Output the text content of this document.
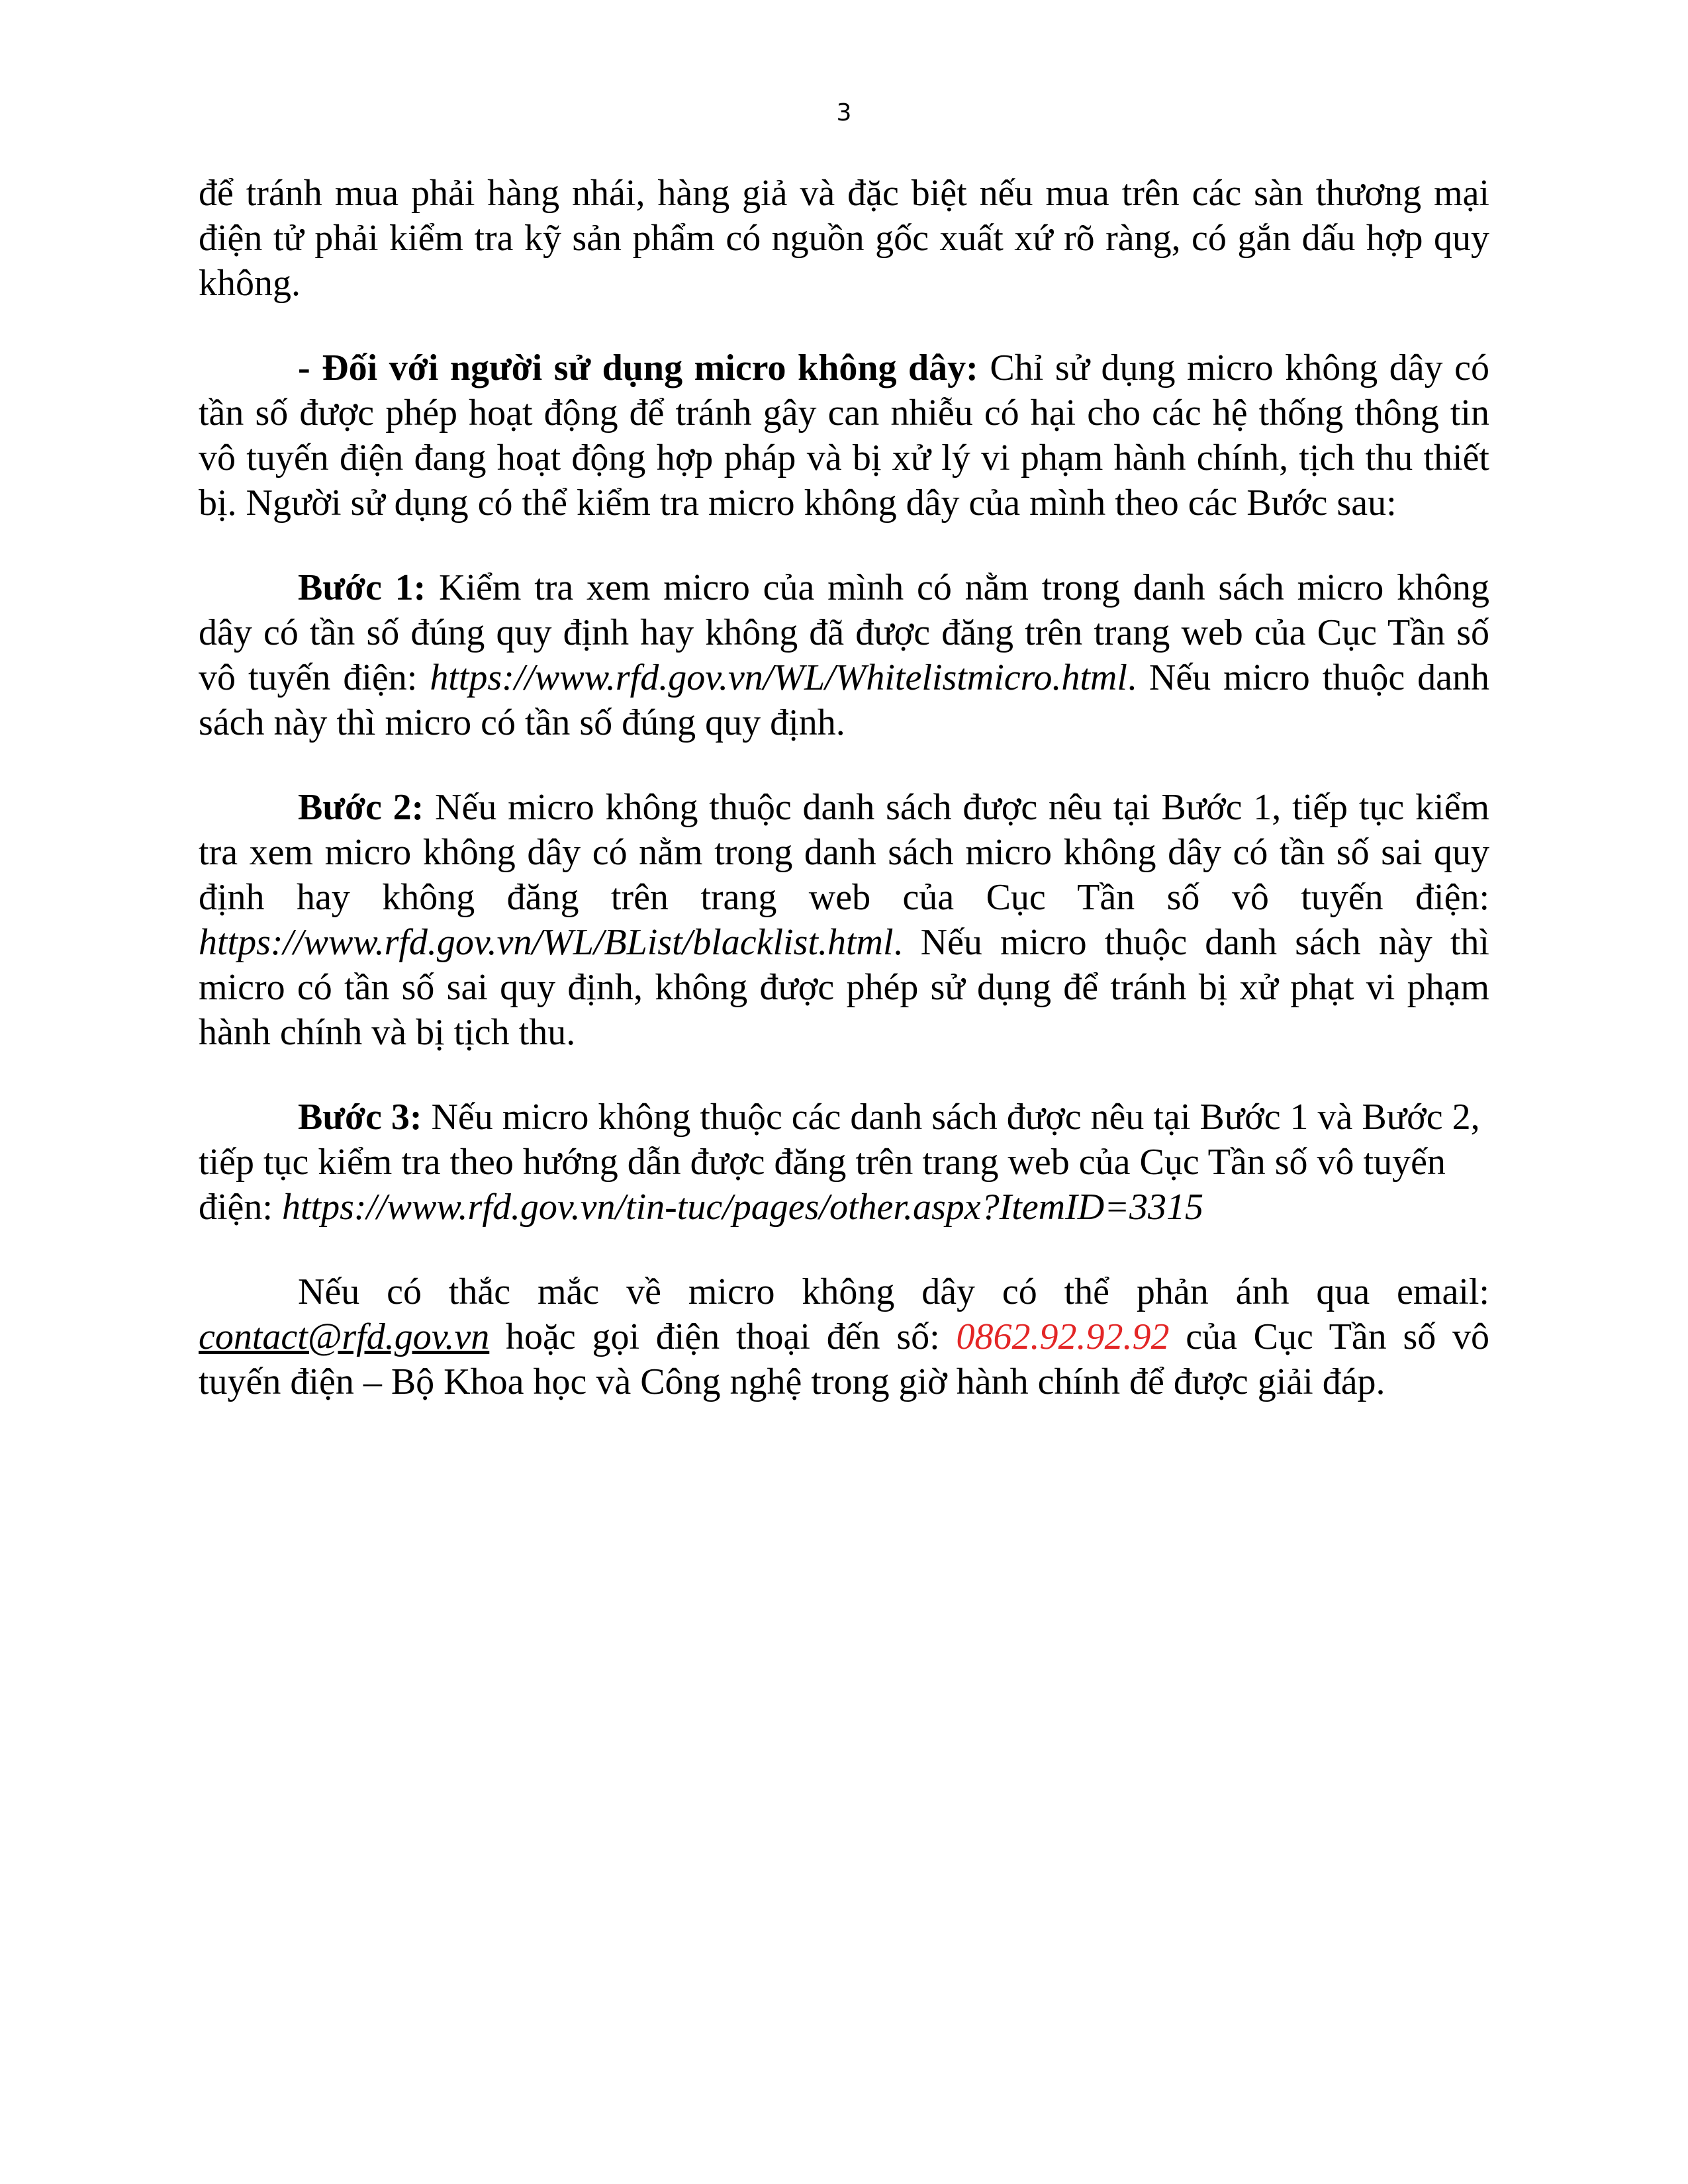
3

để tránh mua phải hàng nhái, hàng giả và đặc biệt nếu mua trên các sàn thương mại điện tử phải kiểm tra kỹ sản phẩm có nguồn gốc xuất xứ rõ ràng, có gắn dấu hợp quy không.

- Đối với người sử dụng micro không dây: Chỉ sử dụng micro không dây có tần số được phép hoạt động để tránh gây can nhiễu có hại cho các hệ thống thông tin vô tuyến điện đang hoạt động hợp pháp và bị xử lý vi phạm hành chính, tịch thu thiết bị. Người sử dụng có thể kiểm tra micro không dây của mình theo các Bước sau:

Bước 1: Kiểm tra xem micro của mình có nằm trong danh sách micro không dây có tần số đúng quy định hay không đã được đăng trên trang web của Cục Tần số vô tuyến điện: https://www.rfd.gov.vn/WL/Whitelistmicro.html. Nếu micro thuộc danh sách này thì micro có tần số đúng quy định.

Bước 2: Nếu micro không thuộc danh sách được nêu tại Bước 1, tiếp tục kiểm tra xem micro không dây có nằm trong danh sách micro không dây có tần số sai quy định hay không đăng trên trang web của Cục Tần số vô tuyến điện: https://www.rfd.gov.vn/WL/BList/blacklist.html. Nếu micro thuộc danh sách này thì micro có tần số sai quy định, không được phép sử dụng để tránh bị xử phạt vi phạm hành chính và bị tịch thu.

Bước 3: Nếu micro không thuộc các danh sách được nêu tại Bước 1 và Bước 2, tiếp tục kiểm tra theo hướng dẫn được đăng trên trang web của Cục Tần số vô tuyến điện: https://www.rfd.gov.vn/tin-tuc/pages/other.aspx?ItemID=3315

Nếu có thắc mắc về micro không dây có thể phản ánh qua email: contact@rfd.gov.vn hoặc gọi điện thoại đến số: 0862.92.92.92 của Cục Tần số vô tuyến điện – Bộ Khoa học và Công nghệ trong giờ hành chính để được giải đáp.
